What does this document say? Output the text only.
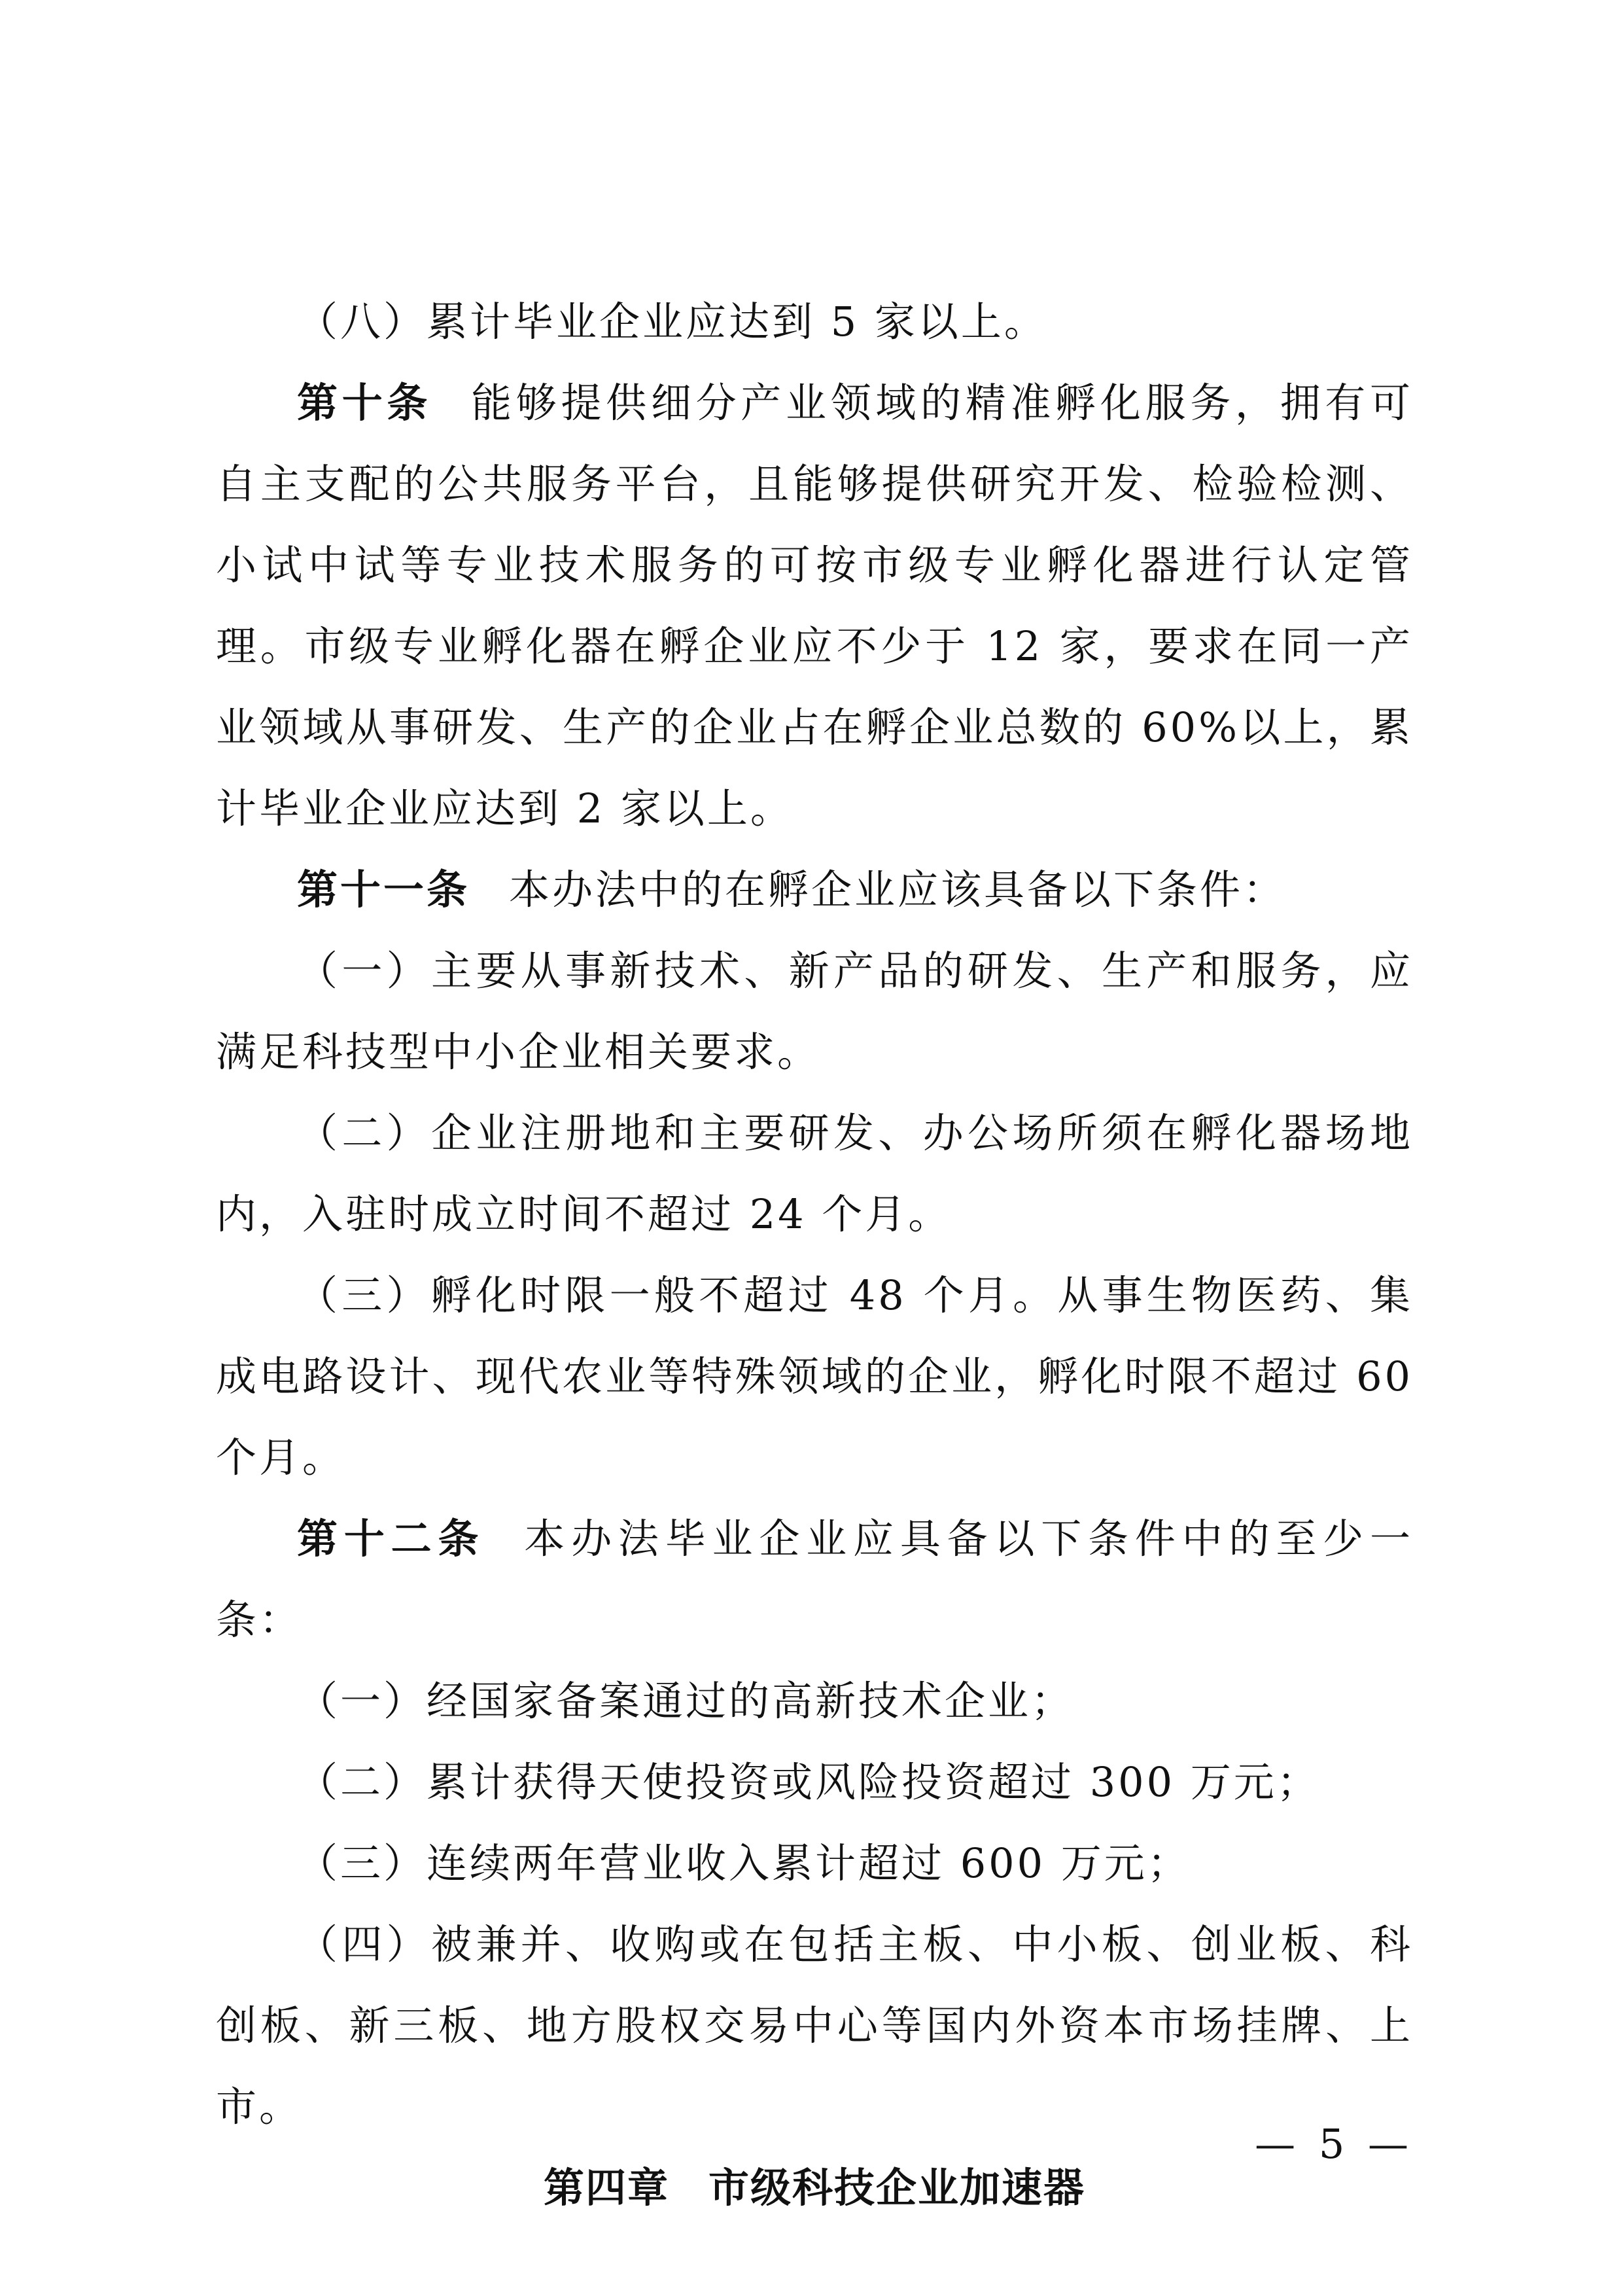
（八）累计毕业企业应达到 5 家以上。

第十条 能够提供细分产业领域的精准孵化服务，拥有可自主支配的公共服务平台，且能够提供研究开发、检验检测、小试中试等专业技术服务的可按市级专业孵化器进行认定管理。市级专业孵化器在孵企业应不少于 12 家，要求在同一产业领域从事研发、生产的企业占在孵企业总数的 60%以上，累计毕业企业应达到 2 家以上。

第十一条 本办法中的在孵企业应该具备以下条件：

（一）主要从事新技术、新产品的研发、生产和服务，应满足科技型中小企业相关要求。

（二）企业注册地和主要研发、办公场所须在孵化器场地内，入驻时成立时间不超过 24 个月。

（三）孵化时限一般不超过 48 个月。从事生物医药、集成电路设计、现代农业等特殊领域的企业，孵化时限不超过 60 个月。

第十二条 本办法毕业企业应具备以下条件中的至少一条：

（一）经国家备案通过的高新技术企业；

（二）累计获得天使投资或风险投资超过 300 万元；

（三）连续两年营业收入累计超过 600 万元；

（四）被兼并、收购或在包括主板、中小板、创业板、科创板、新三板、地方股权交易中心等国内外资本市场挂牌、上市。

第四章 市级科技企业加速器

— 5 —
